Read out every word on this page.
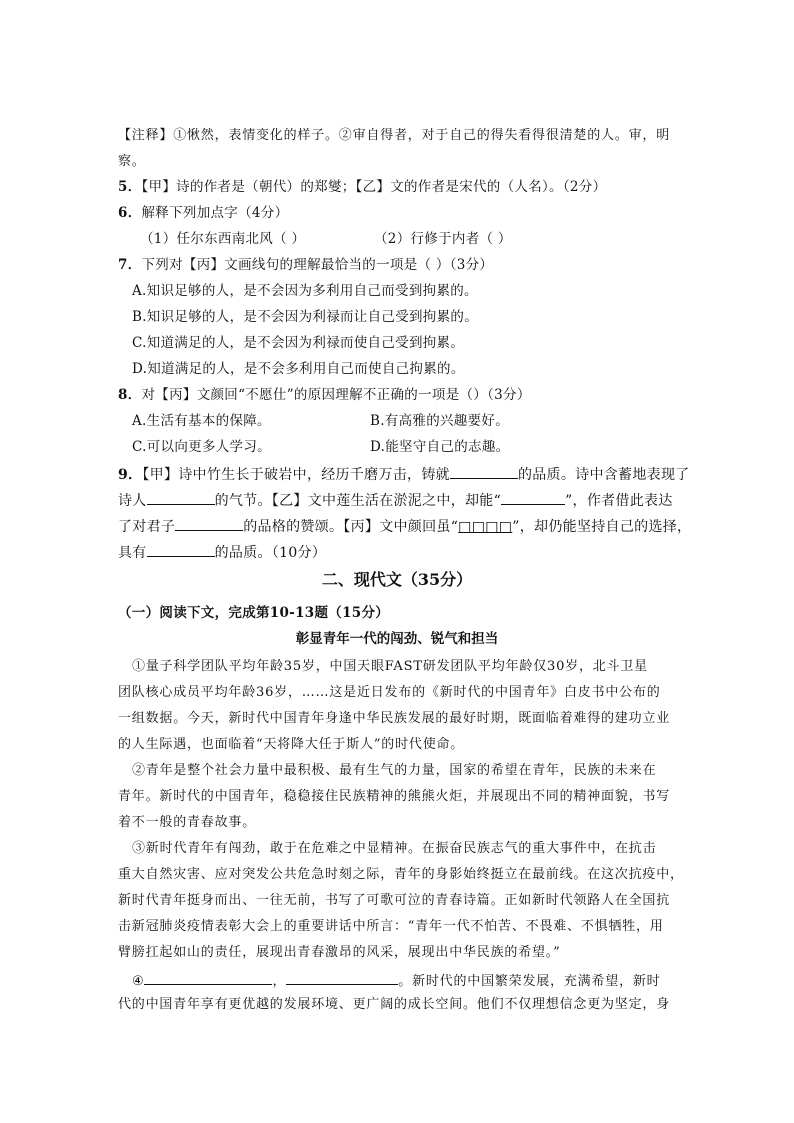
【注释】①愀然，表情变化的样子。②审自得者，对于自己的得失看得很清楚的人。审，明
察。
5．【甲】诗的作者是（朝代）的郑燮；【乙】文的作者是宋代的（人名）。（2分）
6．解释下列加点字（4分）
（1）任尔东西南北风（ ）	（2）行修于内者（ ）
7．下列对【丙】文画线句的理解最恰当的一项是（ ）（3分）
A.知识足够的人，是不会因为多利用自己而受到拘累的。
B.知识足够的人，是不会因为利禄而让自己受到拘累的。
C.知道满足的人，是不会因为利禄而使自己受到拘累。
D.知道满足的人，是不会多利用自己而使自己拘累的。
8．对【丙】文颜回“不愿仕”的原因理解不正确的一项是（）（3分）
A.生活有基本的保障。	B.有高雅的兴趣要好。
C.可以向更多人学习。	D.能坚守自己的志趣。
9．【甲】诗中竹生长于破岩中，经历千磨万击，铸就	的品质。诗中含蓄地表现了
诗人	的气节。【乙】文中莲生活在淤泥之中，却能“	”，作者借此表达
了对君子	的品格的赞颂。【丙】文中颜回虽“□□□□”，却仍能坚持自己的选择，
具有	的品质。（10分）
二、现代文（35分）
（一）阅读下文，完成第10-13题（15分）
彰显青年一代的闯劲、锐气和担当
①量子科学团队平均年龄35岁，中国天眼FAST研发团队平均年龄仅30岁，北斗卫星
团队核心成员平均年龄36岁，……这是近日发布的《新时代的中国青年》白皮书中公布的
一组数据。今天，新时代中国青年身逢中华民族发展的最好时期，既面临着难得的建功立业
的人生际遇，也面临着“天将降大任于斯人”的时代使命。
②青年是整个社会力量中最积极、最有生气的力量，国家的希望在青年，民族的未来在
青年。新时代的中国青年，稳稳接住民族精神的熊熊火炬，并展现出不同的精神面貌，书写
着不一般的青春故事。
③新时代青年有闯劲，敢于在危难之中显精神。在振奋民族志气的重大事件中，在抗击
重大自然灾害、应对突发公共危急时刻之际，青年的身影始终挺立在最前线。在这次抗疫中，
新时代青年挺身而出、一往无前，书写了可歌可泣的青春诗篇。正如新时代领路人在全国抗
击新冠肺炎疫情表彰大会上的重要讲话中所言：“青年一代不怕苦、不畏难、不惧牺牲，用
臂膀扛起如山的责任，展现出青春激昂的风采，展现出中华民族的希望。”
④	，	。新时代的中国繁荣发展，充满希望，新时
代的中国青年享有更优越的发展环境、更广阔的成长空间。他们不仅理想信念更为坚定，身
